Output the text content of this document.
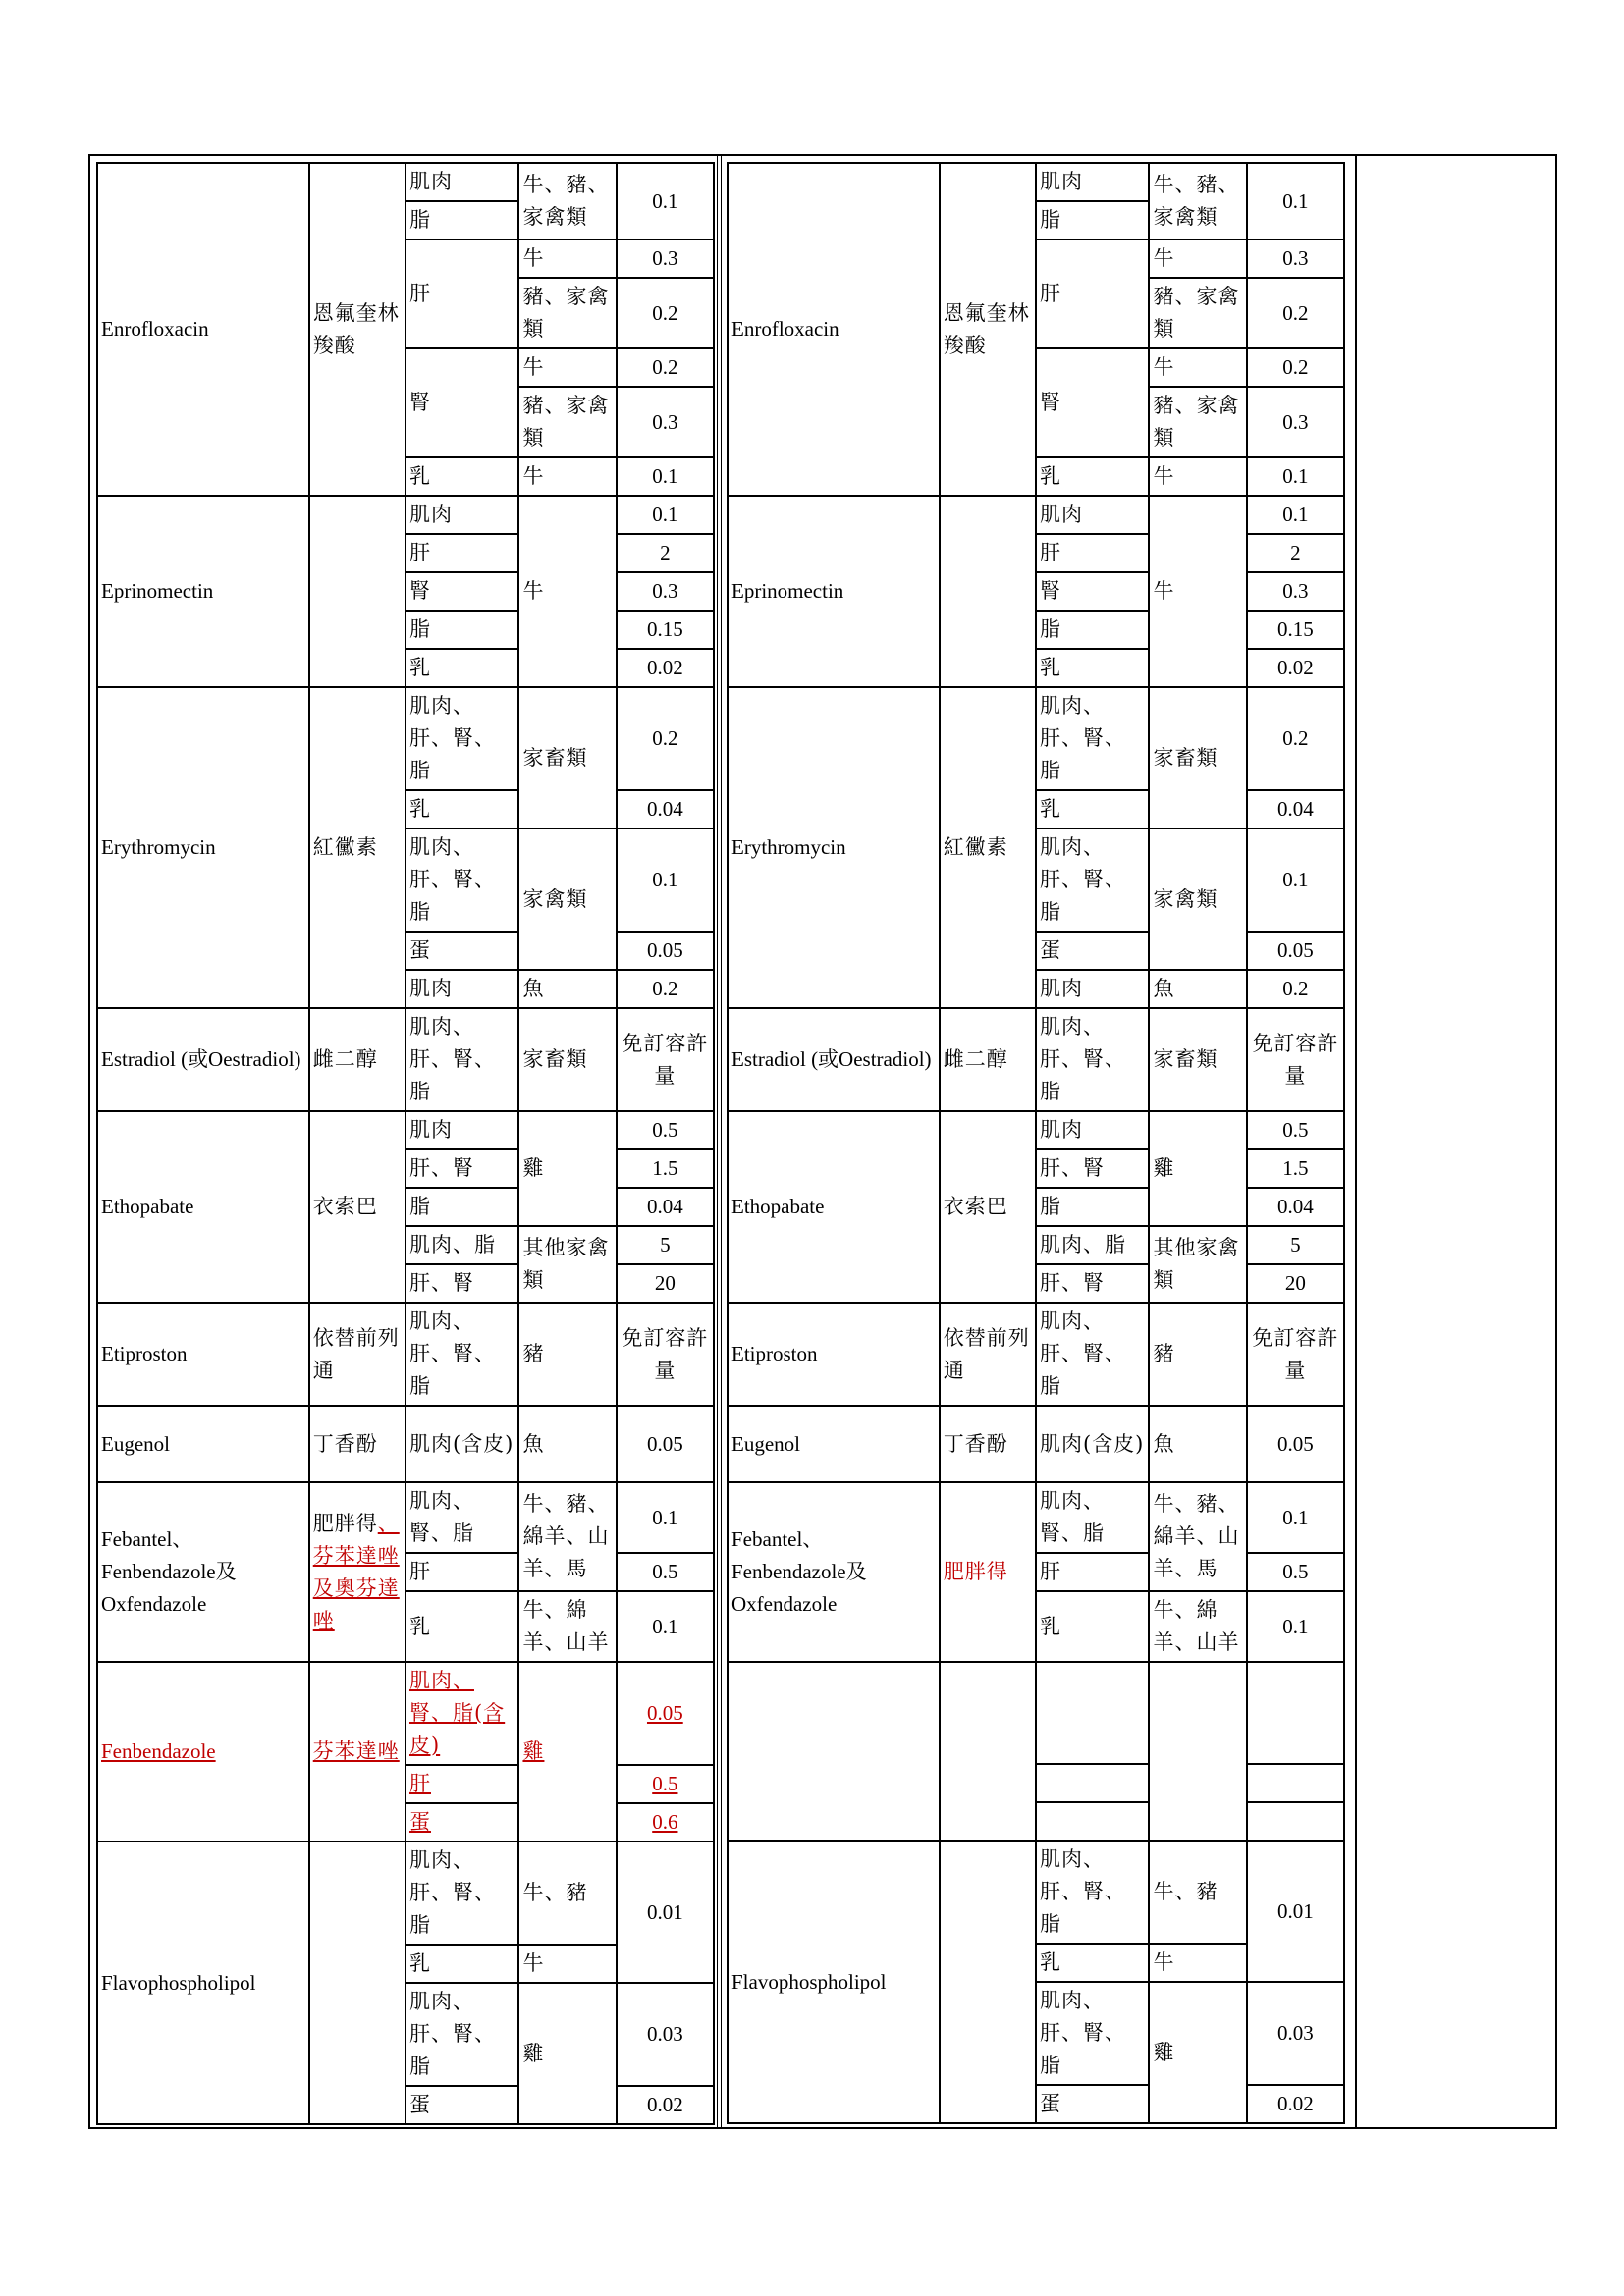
Enrofloxacin	恩氟奎林羧酸	肌肉	牛、豬、家禽類	0.1
		脂		
		肝	牛	0.3
			豬、家禽類	0.2
		腎	牛	0.2
			豬、家禽類	0.3
		乳	牛	0.1

Eprinomectin		肌肉	牛	0.1
		肝		2
		腎		0.3
		脂		0.15
		乳		0.02
Erythromycin	紅黴素	肌肉、肝、腎、脂	家畜類	0.2
		乳		0.04
		肌肉、肝、腎、脂	家禽類	0.1
		蛋		0.05
		肌肉	魚	0.2
Estradiol (或Oestradiol)	雌二醇	肌肉、肝、腎、脂	家畜類	免訂容許量
Ethopabate	衣索巴	肌肉	雞	0.5
		肝、腎		1.5
		脂		0.04
		肌肉、脂	其他家禽類	5
		肝、腎		20
Etiproston	依替前列通	肌肉、肝、腎、脂	豬	免訂容許量
Eugenol	丁香酚	肌肉(含皮)	魚	0.05
Febantel、Fenbendazole及Oxfendazole	肥胖得、芬苯達唑及奧芬達唑	肌肉、腎、脂	牛、豬、綿羊、山羊、馬	0.1
		肝		0.5
		乳	牛、綿羊、山羊	0.1
Fenbendazole	芬苯達唑	肌肉、腎、脂(含皮)	雞	0.05
		肝		0.5
		蛋		0.6
Flavophospholipol		肌肉、肝、腎、脂	牛、豬	0.01
		乳	牛	
		肌肉、肝、腎、脂	雞	0.03
		蛋		0.02
Enrofloxacin	恩氟奎林羧酸	肌肉	牛、豬、家禽類	0.1
		脂		
		肝	牛	0.3
			豬、家禽類	0.2
		腎	牛	0.2
			豬、家禽類	0.3
		乳	牛	0.1

Eprinomectin		肌肉	牛	0.1
		肝		2
		腎		0.3
		脂		0.15
		乳		0.02
Erythromycin	紅黴素	肌肉、肝、腎、脂	家畜類	0.2
		乳		0.04
		肌肉、肝、腎、脂	家禽類	0.1
		蛋		0.05
		肌肉	魚	0.2
Estradiol (或Oestradiol)	雌二醇	肌肉、肝、腎、脂	家畜類	免訂容許量
Ethopabate	衣索巴	肌肉	雞	0.5
		肝、腎		1.5
		脂		0.04
		肌肉、脂	其他家禽類	5
		肝、腎		20
Etiproston	依替前列通	肌肉、肝、腎、脂	豬	免訂容許量
Eugenol	丁香酚	肌肉(含皮)	魚	0.05
Febantel、Fenbendazole及Oxfendazole	肥胖得	肌肉、腎、脂	牛、豬、綿羊、山羊、馬	0.1
		肝		0.5
		乳	牛、綿羊、山羊	0.1

Flavophospholipol		肌肉、肝、腎、脂	牛、豬	0.01
		乳	牛	
		肌肉、肝、腎、脂	雞	0.03
		蛋		0.02
